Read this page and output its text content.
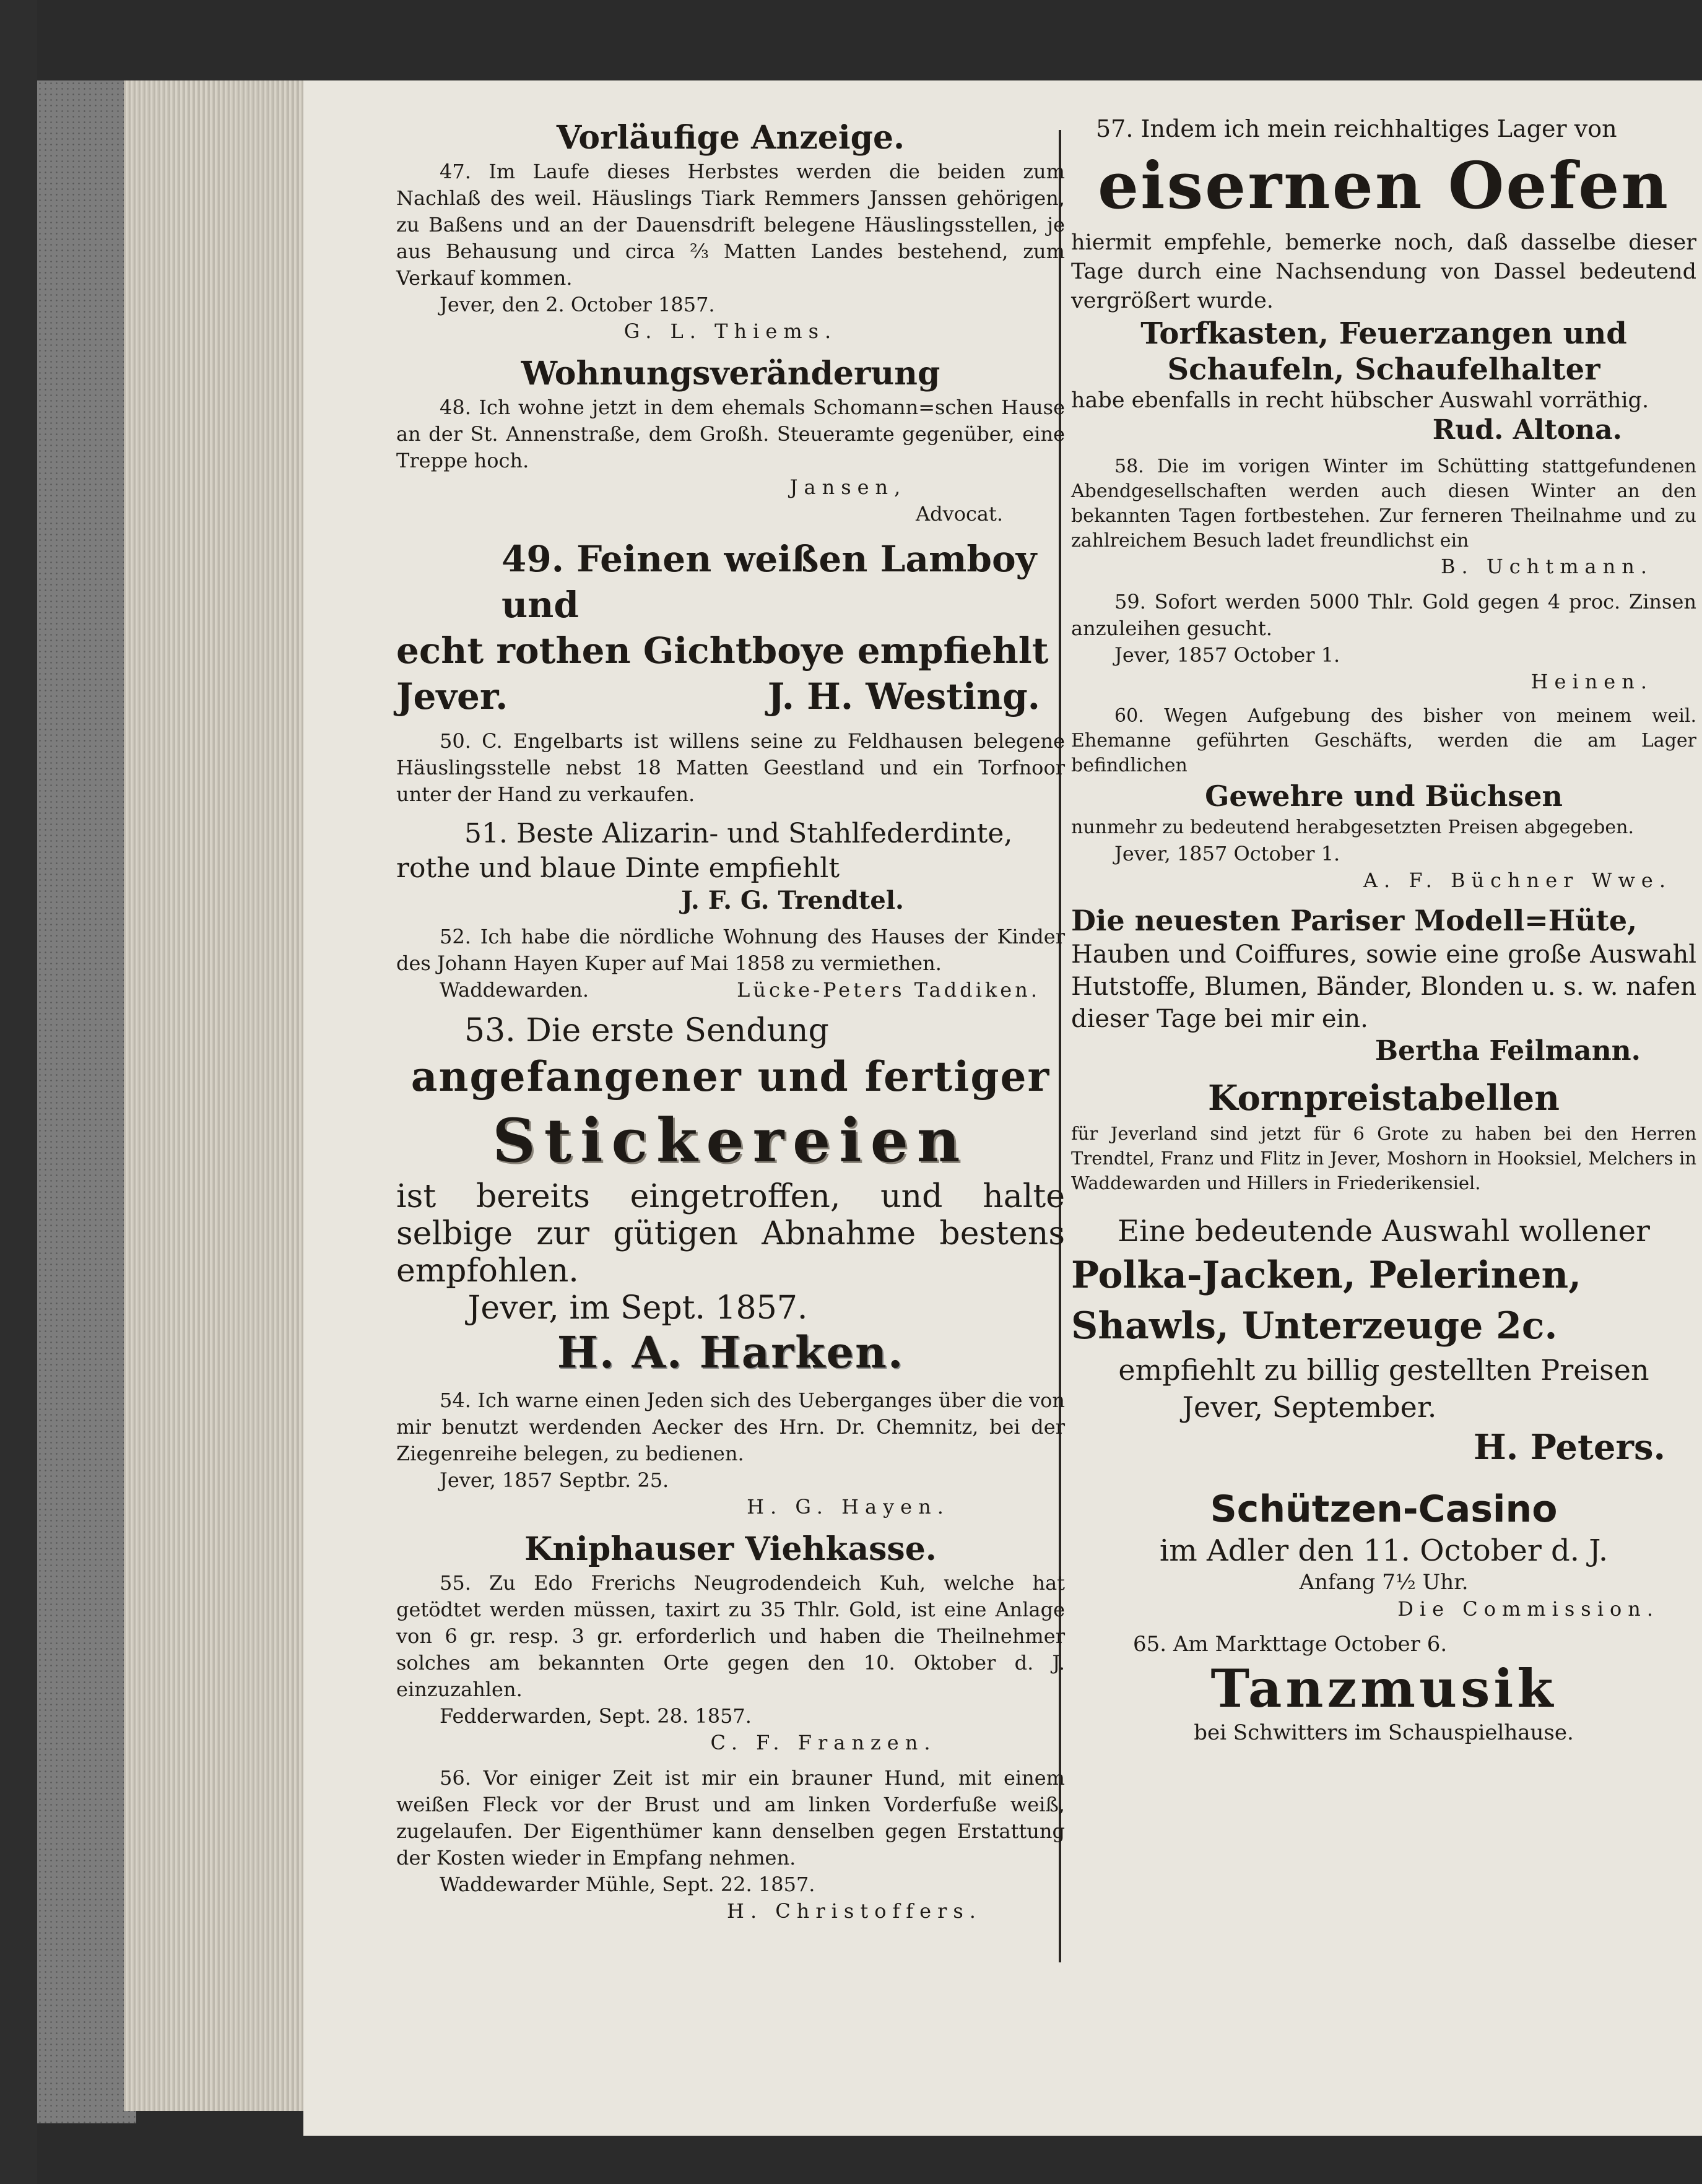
Vorläufige Anzeige.

47. Im Laufe dieses Herbstes werden die beiden zum Nachlaß des weil. Häuslings Tiark Remmers Janssen gehörigen, zu Baßens und an der Dauensdrift belegene Häuslingsstellen, je aus Behausung und circa ⅔ Matten Landes bestehend, zum Verkauf kommen.

Jever, den 2. October 1857.

G. L. Thiems.

Wohnungsveränderung

48. Ich wohne jetzt in dem ehemals Schomann=schen Hause an der St. Annenstraße, dem Großh. Steueramte gegenüber, eine Treppe hoch.

Jansen,

Advocat.

49. Feinen weißen Lamboy und

echt rothen Gichtboye empfiehlt

Jever.	J. H. Westing.

50. C. Engelbarts ist willens seine zu Feldhausen belegene Häuslingsstelle nebst 18 Matten Geestland und ein Torfnoor unter der Hand zu verkaufen.

51. Beste Alizarin- und Stahlfederdinte,

rothe und blaue Dinte empfiehlt

J. F. G. Trendtel.

52. Ich habe die nördliche Wohnung des Hauses der Kinder des Johann Hayen Kuper auf Mai 1858 zu vermiethen.

Waddewarden.	Lücke-Peters Taddiken.

53. Die erste Sendung

angefangener und fertiger

Stickereien

ist bereits eingetroffen, und halte selbige zur gütigen Abnahme bestens empfohlen.

Jever, im Sept. 1857.

H. A. Harken.

54. Ich warne einen Jeden sich des Ueberganges über die von mir benutzt werdenden Aecker des Hrn. Dr. Chemnitz, bei der Ziegenreihe belegen, zu bedienen.

Jever, 1857 Septbr. 25.

H. G. Hayen.

Kniphauser Viehkasse.

55. Zu Edo Frerichs Neugrodendeich Kuh, welche hat getödtet werden müssen, taxirt zu 35 Thlr. Gold, ist eine Anlage von 6 gr. resp. 3 gr. erforderlich und haben die Theilnehmer solches am bekannten Orte gegen den 10. Oktober d. J. einzuzahlen.

Fedderwarden, Sept. 28. 1857.

C. F. Franzen.

56. Vor einiger Zeit ist mir ein brauner Hund, mit einem weißen Fleck vor der Brust und am linken Vorderfuße weiß, zugelaufen. Der Eigenthümer kann denselben gegen Erstattung der Kosten wieder in Empfang nehmen.

Waddewarder Mühle, Sept. 22. 1857.

H. Christoffers.

57. Indem ich mein reichhaltiges Lager von

eisernen Oefen

hiermit empfehle, bemerke noch, daß dasselbe dieser Tage durch eine Nachsendung von Dassel bedeutend vergrößert wurde.

Torfkasten, Feuerzangen und Schaufeln, Schaufelhalter

habe ebenfalls in recht hübscher Auswahl vorräthig.

Rud. Altona.

58. Die im vorigen Winter im Schütting stattgefundenen Abendgesellschaften werden auch diesen Winter an den bekannten Tagen fortbestehen. Zur ferneren Theilnahme und zu zahlreichem Besuch ladet freundlichst ein

B. Uchtmann.

59. Sofort werden 5000 Thlr. Gold gegen 4 proc. Zinsen anzuleihen gesucht.

Jever, 1857 October 1.

Heinen.

60. Wegen Aufgebung des bisher von meinem weil. Ehemanne geführten Geschäfts, werden die am Lager befindlichen

Gewehre und Büchsen

nunmehr zu bedeutend herabgesetzten Preisen abgegeben.

Jever, 1857 October 1.

A. F. Büchner Wwe.

Die neuesten Pariser Modell=Hüte,

Hauben und Coiffures, sowie eine große Auswahl Hutstoffe, Blumen, Bänder, Blonden u. s. w. nafen dieser Tage bei mir ein.

Bertha Feilmann.

Kornpreistabellen

für Jeverland sind jetzt für 6 Grote zu haben bei den Herren Trendtel, Franz und Flitz in Jever, Moshorn in Hooksiel, Melchers in Waddewarden und Hillers in Friederikensiel.

Eine bedeutende Auswahl wollener

Polka-Jacken, Pelerinen,

Shawls, Unterzeuge 2c.

empfiehlt zu billig gestellten Preisen

Jever, September.

H. Peters.

Schützen-Casino

im Adler den 11. October d. J.

Anfang 7½ Uhr.

Die Commission.

65. Am Markttage October 6.

Tanzmusik

bei Schwitters im Schauspielhause.
